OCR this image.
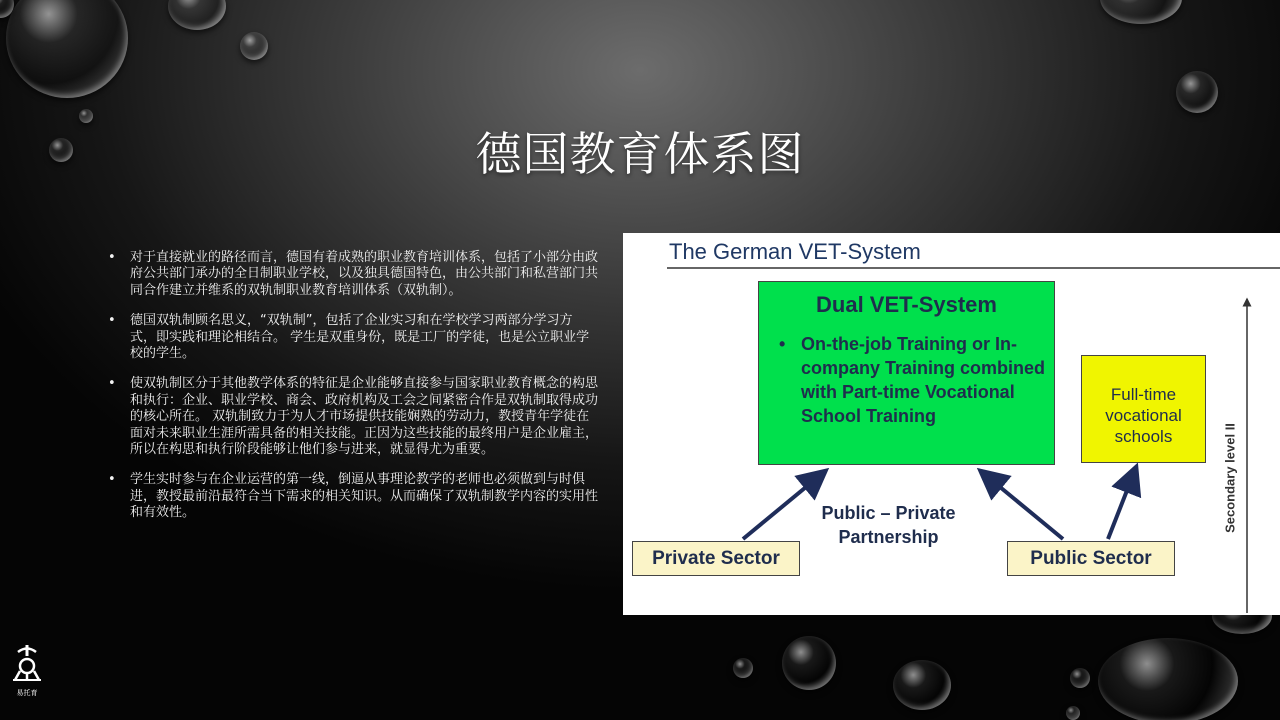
德国教育体系图
• 对于直接就业的路径而言，德国有着成熟的职业教育培训体系，包括了小部分由政府公共部门承办的全日制职业学校，以及独具德国特色，由公共部门和私营部门共同合作建立并维系的双轨制职业教育培训体系（双轨制）。
• 德国双轨制顾名思义，“双轨制”，包括了企业实习和在学校学习两部分学习方式，即实践和理论相结合。 学生是双重身份，既是工厂的学徒，也是公立职业学校的学生。
• 使双轨制区分于其他教学体系的特征是企业能够直接参与国家职业教育概念的构思和执行：企业、职业学校、商会、政府机构及工会之间紧密合作是双轨制取得成功的核心所在。 双轨制致力于为人才市场提供技能娴熟的劳动力，教授青年学徒在面对未来职业生涯所需具备的相关技能。正因为这些技能的最终用户是企业雇主，所以在构思和执行阶段能够让他们参与进来，就显得尤为重要。
• 学生实时参与在企业运营的第一线，倒逼从事理论教学的老师也必须做到与时俱进，教授最前沿最符合当下需求的相关知识。从而确保了双轨制教学内容的实用性和有效性。
The German VET-System
Dual VET-System
• On-the-job Training or In-company Training combined with Part-time Vocational School Training
Full-time vocational schools
Public – Private Partnership
Private Sector	Public Sector
Secondary level II
易托育
